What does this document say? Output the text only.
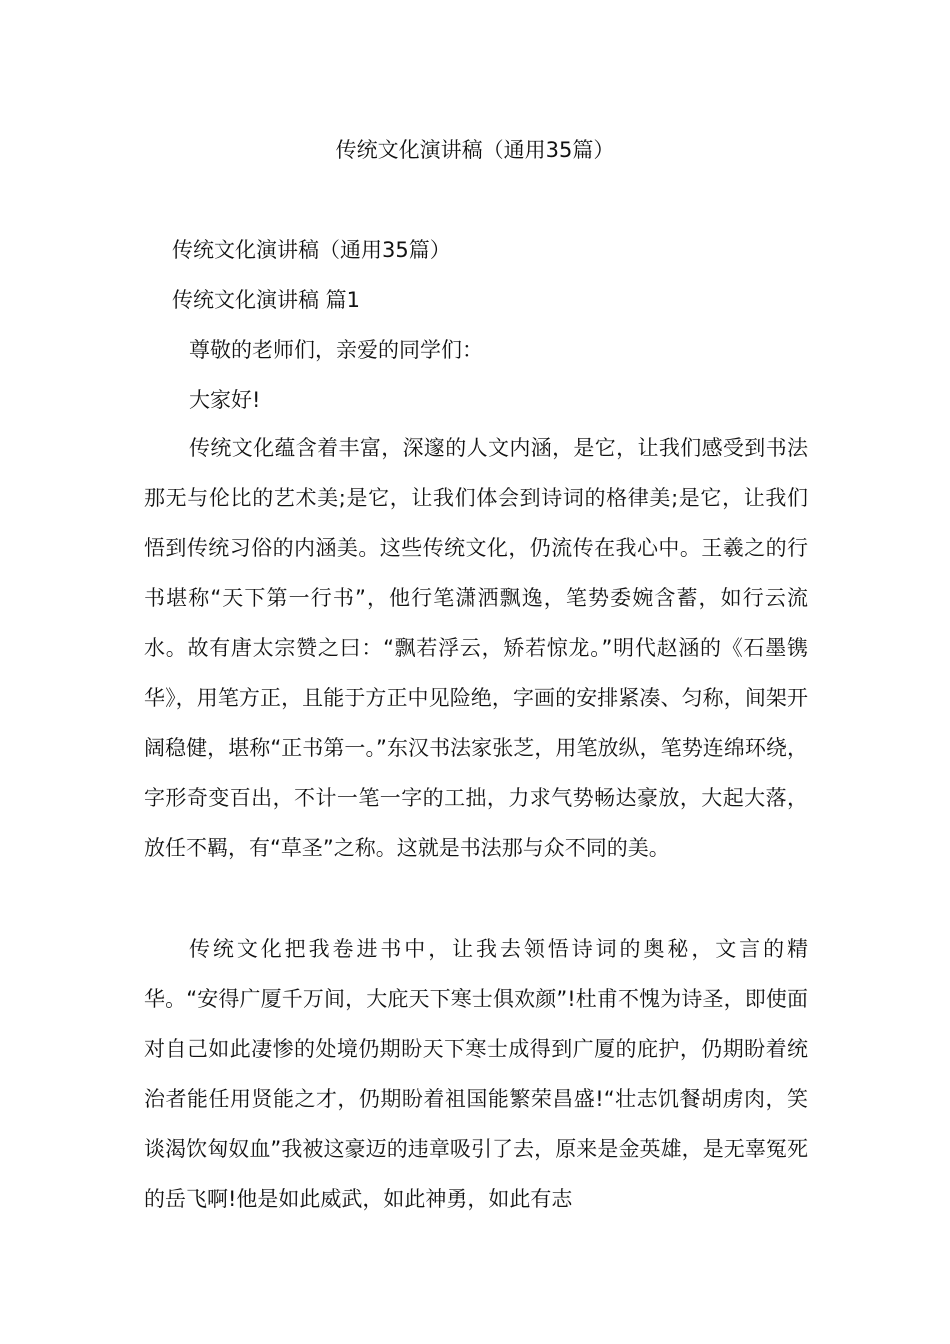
传统文化演讲稿（通用35篇）

传统文化演讲稿（通用35篇）

传统文化演讲稿 篇1

尊敬的老师们，亲爱的同学们：

大家好!

传统文化蕴含着丰富，深邃的人文内涵，是它，让我们感受到书法那无与伦比的艺术美;是它，让我们体会到诗词的格律美;是它，让我们悟到传统习俗的内涵美。这些传统文化，仍流传在我心中。王羲之的行书堪称“天下第一行书”，他行笔潇洒飘逸，笔势委婉含蓄，如行云流水。故有唐太宗赞之曰：“飘若浮云，矫若惊龙。”明代赵涵的《石墨镌华》，用笔方正，且能于方正中见险绝，字画的安排紧凑、匀称，间架开阔稳健，堪称“正书第一。”东汉书法家张芝，用笔放纵，笔势连绵环绕，字形奇变百出，不计一笔一字的工拙，力求气势畅达豪放，大起大落，放任不羁，有“草圣”之称。这就是书法那与众不同的美。

传统文化把我卷进书中，让我去领悟诗词的奥秘，文言的精华。“安得广厦千万间，大庇天下寒士俱欢颜”!杜甫不愧为诗圣，即使面对自己如此凄惨的处境仍期盼天下寒士成得到广厦的庇护，仍期盼着统治者能任用贤能之才，仍期盼着祖国能繁荣昌盛!“壮志饥餐胡虏肉，笑谈渴饮匈奴血”我被这豪迈的违章吸引了去，原来是金英雄，是无辜冤死的岳飞啊!他是如此威武，如此神勇，如此有志
